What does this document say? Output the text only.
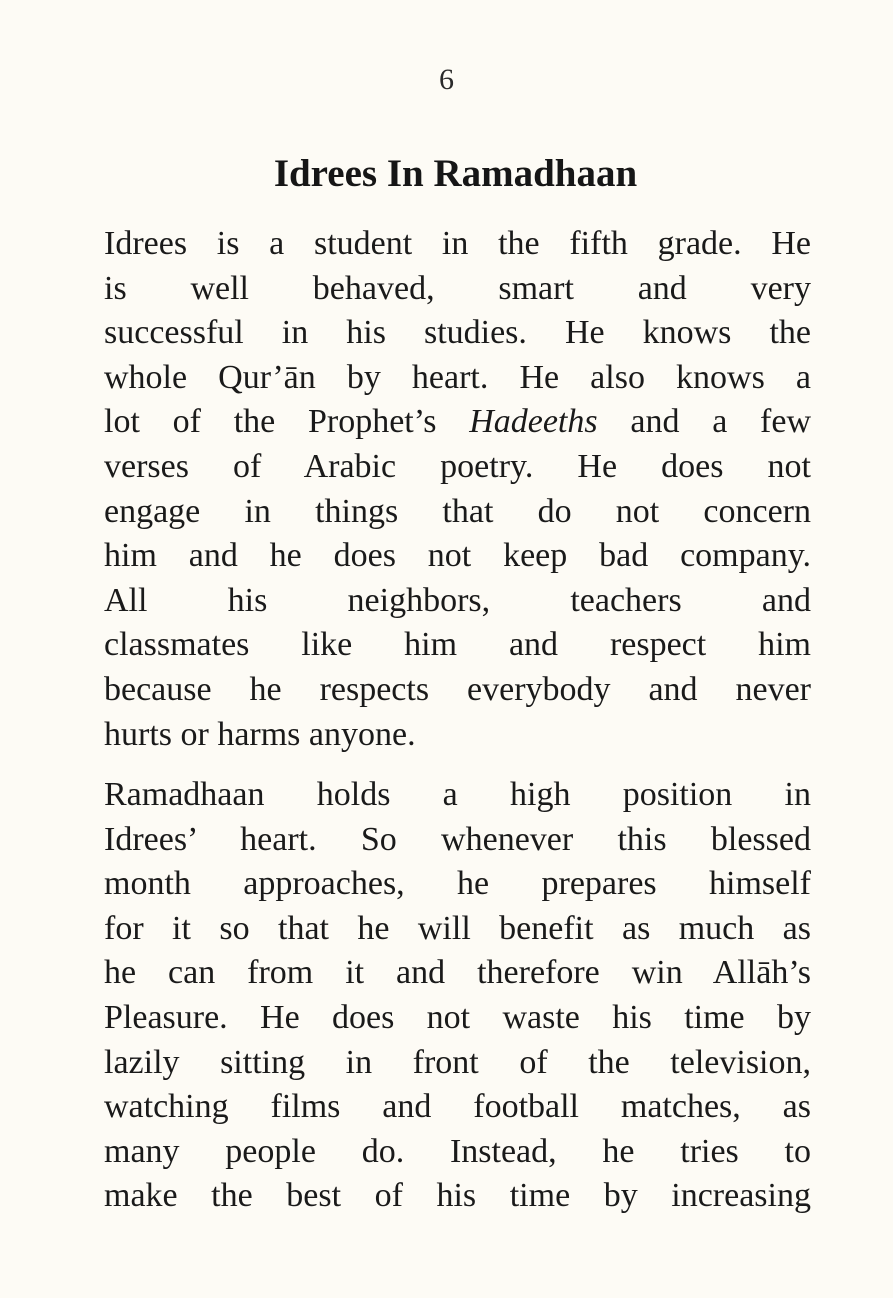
6
Idrees In Ramadhaan
Idrees is a student in the fifth grade. He
is well behaved, smart and very
successful in his studies. He knows the
whole Qur’ān by heart. He also knows a
lot of the Prophet’s Hadeeths and a few
verses of Arabic poetry. He does not
engage in things that do not concern
him and he does not keep bad company.
All his neighbors, teachers and
classmates like him and respect him
because he respects everybody and never
hurts or harms anyone.
Ramadhaan holds a high position in
Idrees’ heart. So whenever this blessed
month approaches, he prepares himself
for it so that he will benefit as much as
he can from it and therefore win Allāh’s
Pleasure. He does not waste his time by
lazily sitting in front of the television,
watching films and football matches, as
many people do. Instead, he tries to
make the best of his time by increasing
